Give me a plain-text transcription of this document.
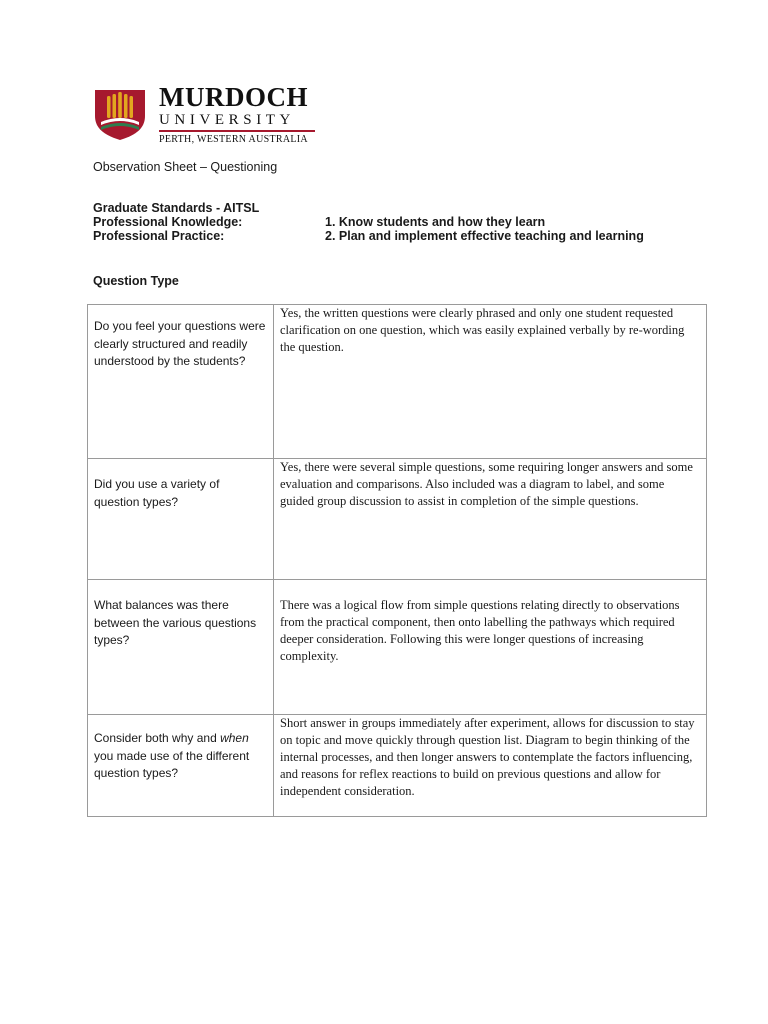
MURDOCH
UNIVERSITY
PERTH, WESTERN AUSTRALIA
Observation Sheet – Questioning
Graduate Standards - AITSL
Professional Knowledge:	1. Know students and how they learn
Professional Practice:	2. Plan and implement effective teaching and learning
Question Type
Do you feel your questions were clearly structured and readily understood by the students?	Yes, the written questions were clearly phrased and only one student requested clarification on one question, which was easily explained verbally by re-wording the question.

Did you use a variety of question types?	Yes, there were several simple questions, some requiring longer answers and some evaluation and comparisons. Also included was a diagram to label, and some guided group discussion to assist in completion of the simple questions.

What balances was there between the various questions types?	There was a logical flow from simple questions relating directly to observations from the practical component, then onto labelling the pathways which required deeper consideration. Following this were longer questions of increasing complexity.

Consider both why and when you made use of the different question types?	Short answer in groups immediately after experiment, allows for discussion to stay on topic and move quickly through question list. Diagram to begin thinking of the internal processes, and then longer answers to contemplate the factors influencing, and reasons for reflex reactions to build on previous questions and allow for independent consideration.
